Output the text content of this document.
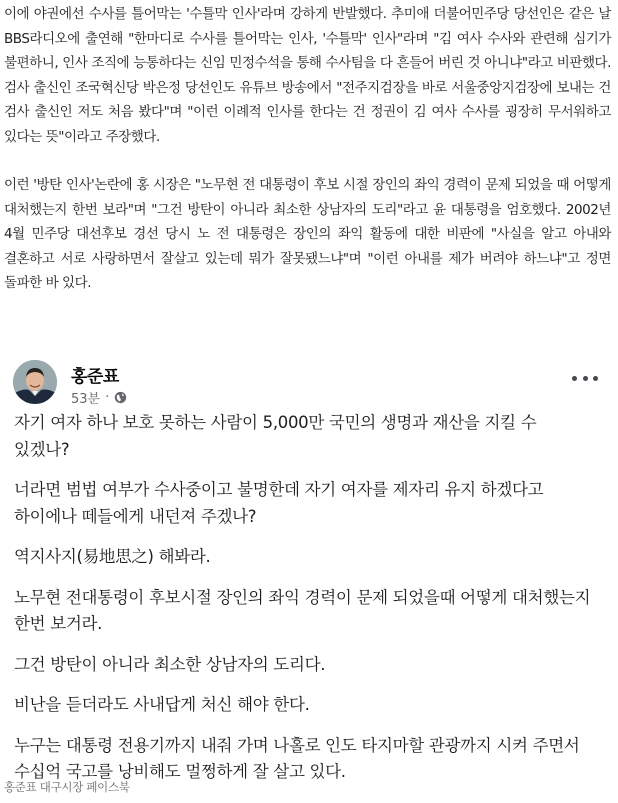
이에 야권에선 수사를 틀어막는 '수틀막 인사'라며 강하게 반발했다. 추미애 더불어민주당 당선인은 같은 날 BBS라디오에 출연해 "한마디로 수사를 틀어막는 인사, '수틀막' 인사"라며 "김 여사 수사와 관련해 심기가 불편하니, 인사 조직에 능통하다는 신임 민정수석을 통해 수사팀을 다 흔들어 버린 것 아니냐"라고 비판했다. 검사 출신인 조국혁신당 박은정 당선인도 유튜브 방송에서 "전주지검장을 바로 서울중앙지검장에 보내는 건 검사 출신인 저도 처음 봤다"며 "이런 이례적 인사를 한다는 건 정권이 김 여사 수사를 굉장히 무서워하고 있다는 뜻"이라고 주장했다.

이런 '방탄 인사'논란에 홍 시장은 "노무현 전 대통령이 후보 시절 장인의 좌익 경력이 문제 되었을 때 어떻게 대처했는지 한번 보라"며 "그건 방탄이 아니라 최소한 상남자의 도리"라고 윤 대통령을 엄호했다. 2002년 4월 민주당 대선후보 경선 당시 노 전 대통령은 장인의 좌익 활동에 대한 비판에 "사실을 알고 아내와 결혼하고 서로 사랑하면서 잘살고 있는데 뭐가 잘못됐느냐"며 "이런 아내를 제가 버려야 하느냐"고 정면 돌파한 바 있다.

홍준표
53분 ·

자기 여자 하나 보호 못하는 사람이 5,000만 국민의 생명과 재산을 지킬 수 있겠나?

너라면 범법 여부가 수사중이고 불명한데 자기 여자를 제자리 유지 하겠다고 하이에나 떼들에게 내던져 주겠나?

역지사지(易地思之) 해봐라.

노무현 전대통령이 후보시절 장인의 좌익 경력이 문제 되었을때 어떻게 대처했는지 한번 보거라.

그건 방탄이 아니라 최소한 상남자의 도리다.

비난을 듣더라도 사내답게 처신 해야 한다.

누구는 대통령 전용기까지 내줘 가며 나홀로 인도 타지마할 관광까지 시켜 주면서 수십억 국고를 낭비해도 멀쩡하게 잘 살고 있다.

홍준표 대구시장 페이스북
